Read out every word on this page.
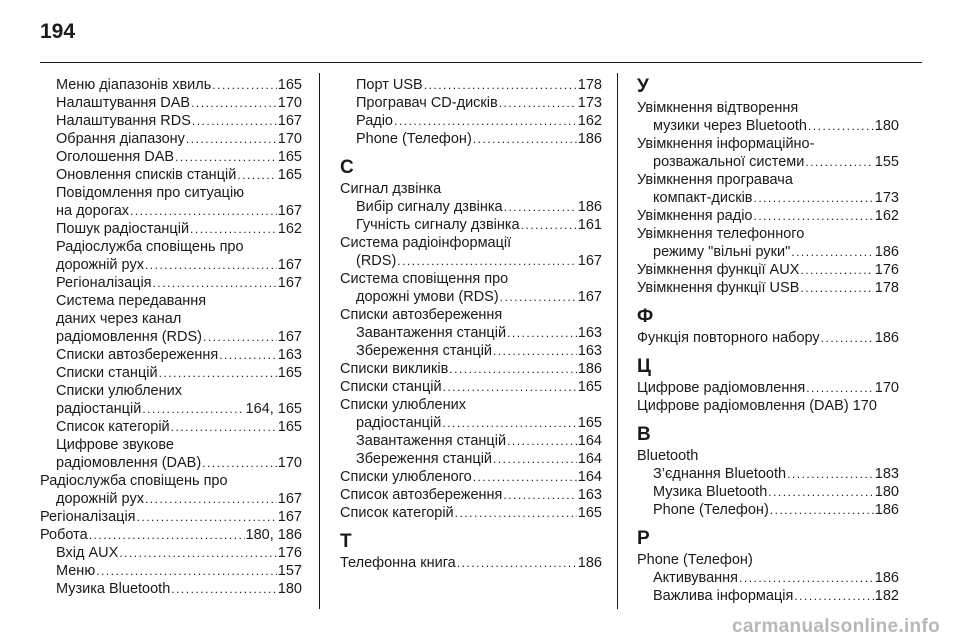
194
Меню діапазонів хвиль .....	165
Налаштування DAB .....	170
Налаштування RDS .....	167
Обрання діапазону .....	170
Оголошення DAB .....	165
Оновлення списків станцій .....	165
Повідомлення про ситуацію
на дорогах .....	167
Пошук радіостанцій .....	162
Радіослужба сповіщень про
дорожній рух .....	167
Регіоналізація .....	167
Система передавання
даних через канал
радіомовлення (RDS) .....	167
Списки автозбереження .....	163
Списки станцій .....	165
Списки улюблених
радіостанцій .....	164, 165
Список категорій .....	165
Цифрове звукове
радіомовлення (DAB) .....	170
Радіослужба сповіщень про
дорожній рух .....	167
Регіоналізація .....	167
Робота .....	180, 186
Вхід AUX .....	176
Меню .....	157
Музика Bluetooth .....	180
Порт USB .....	178
Програвач CD-дисків .....	173
Радіо .....	162
Phone (Телефон) .....	186
С
Сигнал дзвінка
Вибір сигналу дзвінка .....	186
Гучність сигналу дзвінка .....	161
Система радіоінформації
(RDS) .....	167
Система сповіщення про
дорожні умови (RDS) .....	167
Списки автозбереження
Завантаження станцій .....	163
Збереження станцій .....	163
Списки викликів .....	186
Списки станцій .....	165
Списки улюблених
радіостанцій .....	165
Завантаження станцій .....	164
Збереження станцій .....	164
Списки улюбленого .....	164
Список автозбереження .....	163
Список категорій .....	165
Т
Телефонна книга .....	186
У
Увімкнення відтворення
музики через Bluetooth .....	180
Увімкнення інформаційно-
розважальної системи .....	155
Увімкнення програвача
компакт-дисків .....	173
Увімкнення радіо .....	162
Увімкнення телефонного
режиму "вільні руки" .....	186
Увімкнення функції AUX .....	176
Увімкнення функції USB .....	178
Ф
Функція повторного набору .....	186
Ц
Цифрове радіомовлення .....	170
Цифрове радіомовлення (DAB) 170
B
Bluetooth
З’єднання Bluetooth .....	183
Музика Bluetooth .....	180
Phone (Телефон) .....	186
P
Phone (Телефон)
Активування .....	186
Важлива інформація .....	182
carmanualsonline.info
